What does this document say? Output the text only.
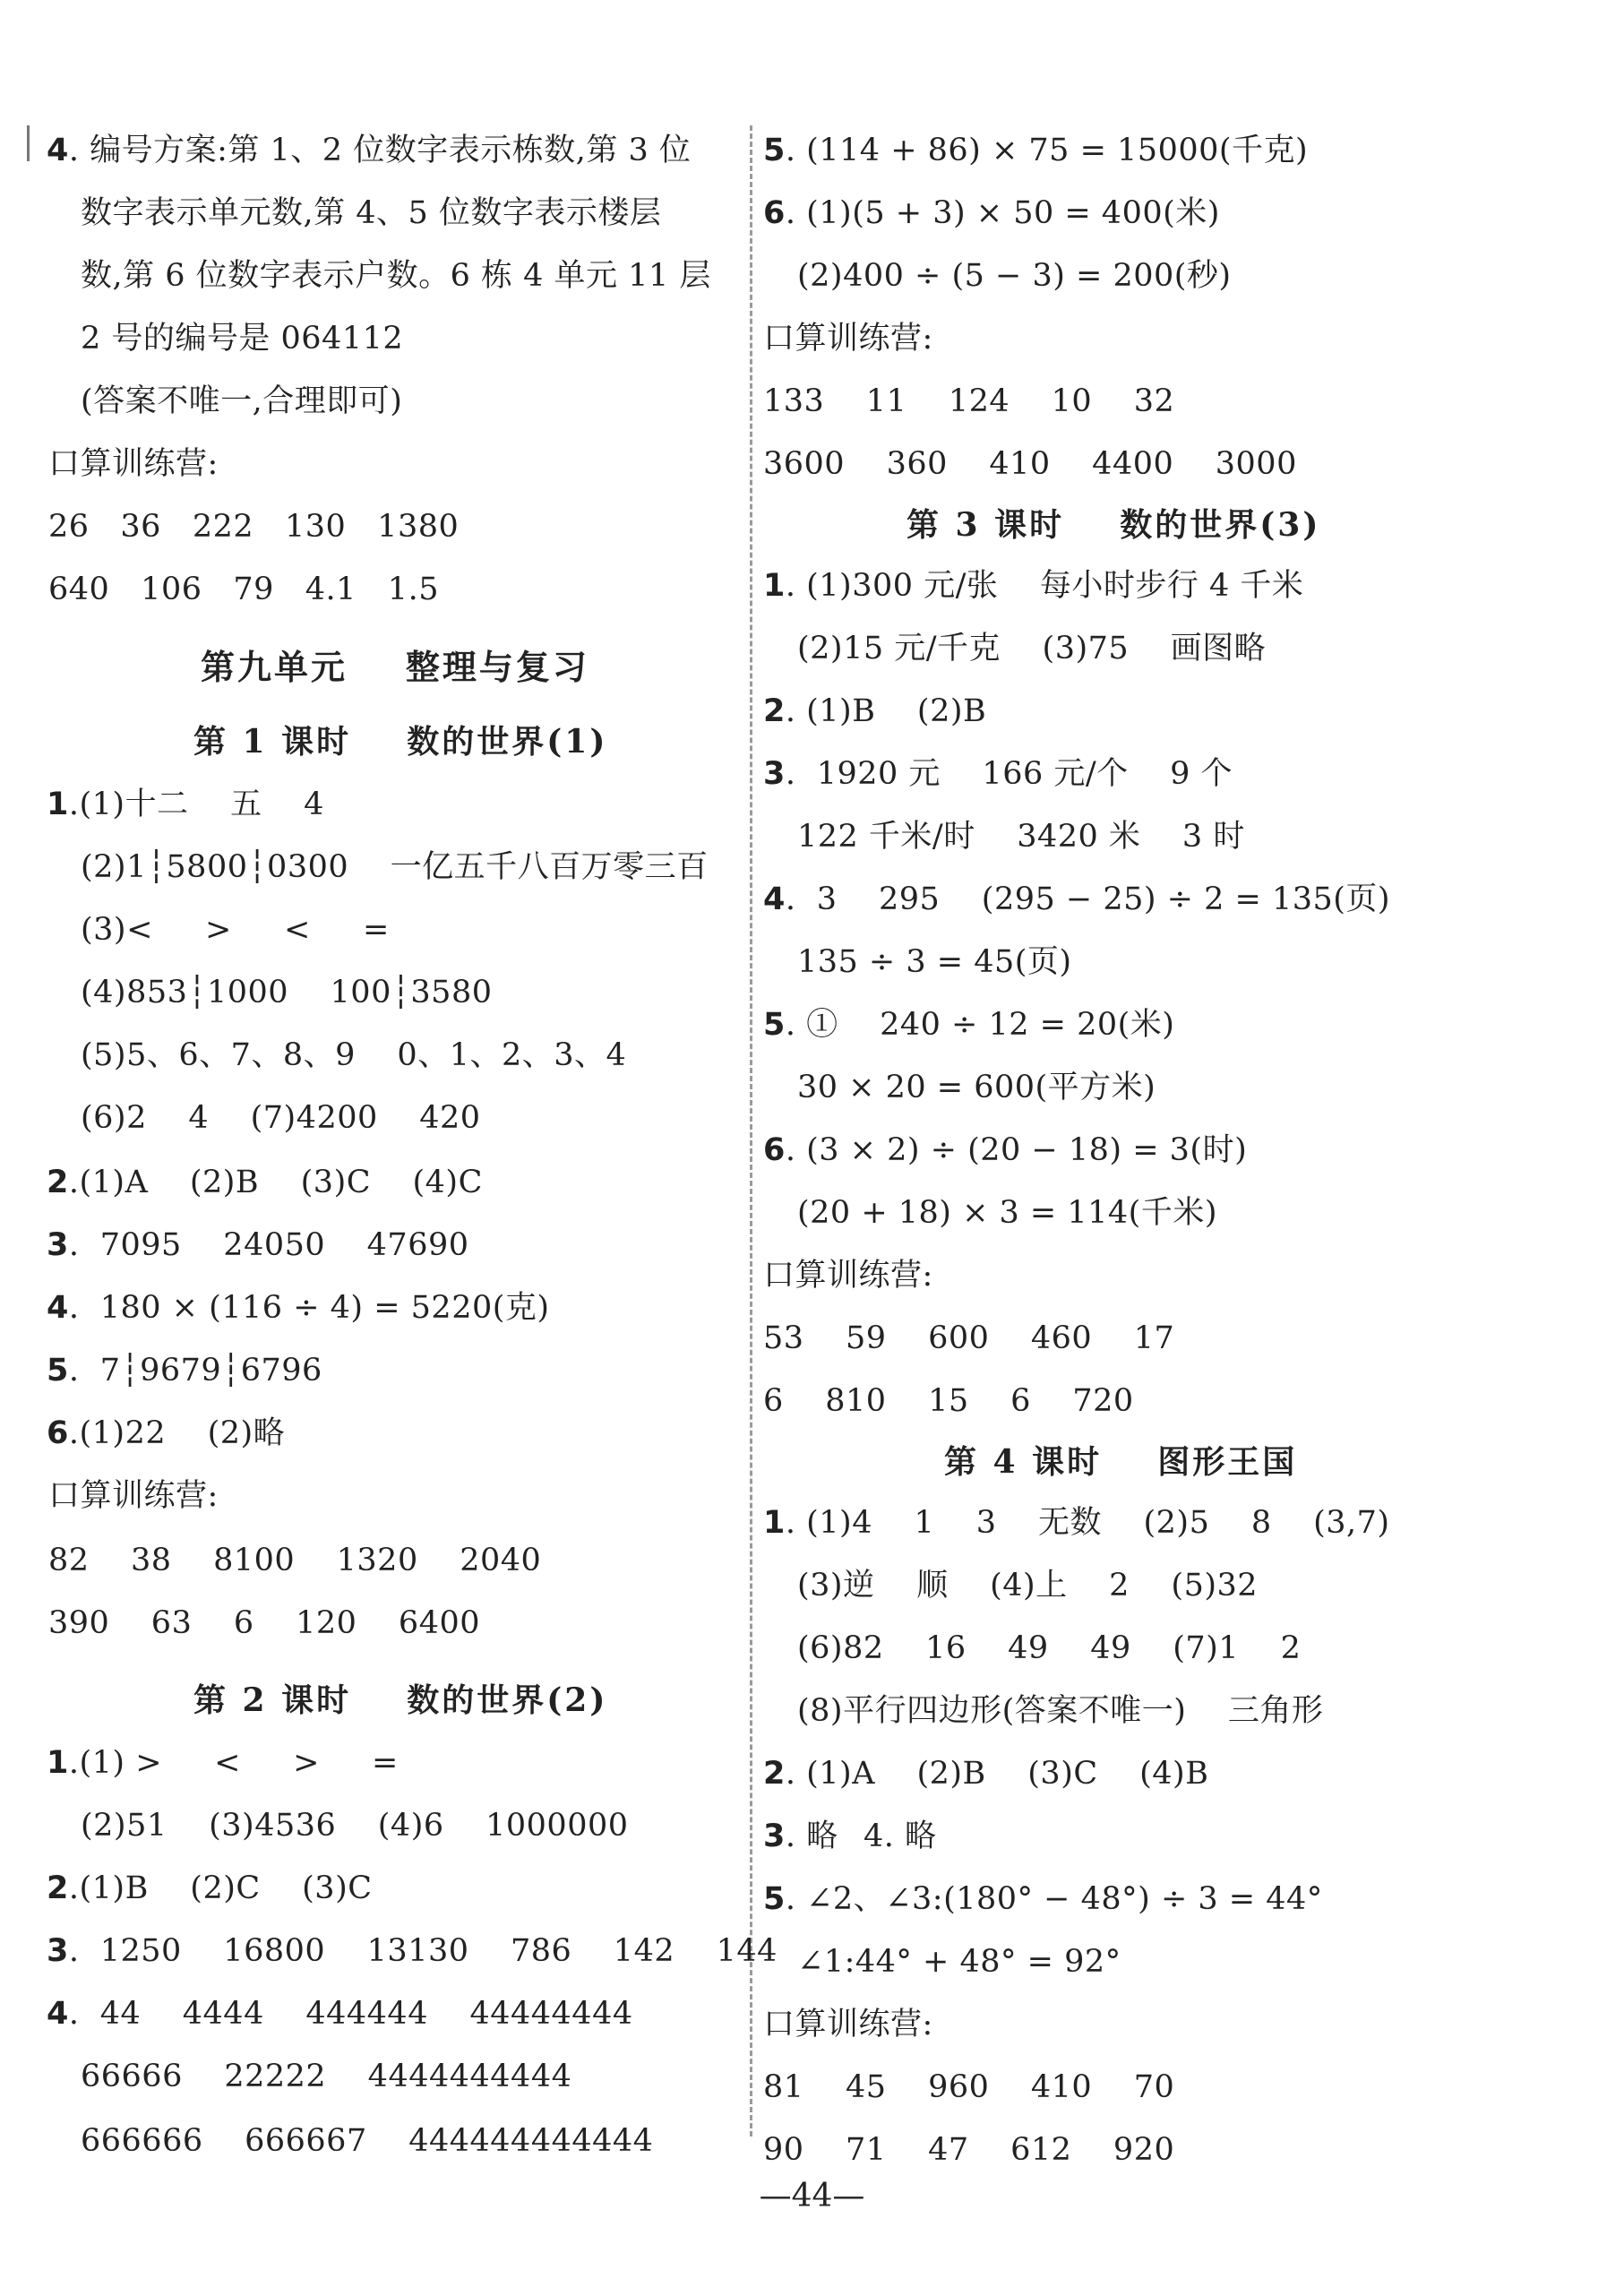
4. 编号方案:第 1、2 位数字表示栋数,第 3 位
数字表示单元数,第 4、5 位数字表示楼层
数,第 6 位数字表示户数。6 栋 4 单元 11 层
2 号的编号是 064112
(答案不唯一,合理即可)
口算训练营:
26   36   222   130   1380
640   106   79   4.1   1.5
第九单元    整理与复习
第 1 课时    数的世界(1)
1.(1)十二    五    4
(2)1┆5800┆0300    一亿五千八百万零三百
(3)<     >     <     =
(4)853┆1000    100┆3580
(5)5、6、7、8、9    0、1、2、3、4
(6)2    4    (7)4200    420
2.(1)A    (2)B    (3)C    (4)C
3.  7095    24050    47690
4.  180 × (116 ÷ 4) = 5220(克)
5.  7┆9679┆6796
6.(1)22    (2)略
口算训练营:
82    38    8100    1320    2040
390    63    6    120    6400
第 2 课时    数的世界(2)
1.(1) >     <     >     =
(2)51    (3)4536    (4)6    1000000
2.(1)B    (2)C    (3)C
3.  1250    16800    13130    786    142    144
4.  44    4444    444444    44444444
66666    22222    4444444444
666666    666667    444444444444
5. (114 + 86) × 75 = 15000(千克)
6. (1)(5 + 3) × 50 = 400(米)
(2)400 ÷ (5 − 3) = 200(秒)
口算训练营:
133    11    124    10    32
3600    360    410    4400    3000
第 3 课时    数的世界(3)
1. (1)300 元/张    每小时步行 4 千米
(2)15 元/千克    (3)75    画图略
2. (1)B    (2)B
3.  1920 元    166 元/个    9 个
122 千米/时    3420 米    3 时
4.  3    295    (295 − 25) ÷ 2 = 135(页)
135 ÷ 3 = 45(页)
5. ①    240 ÷ 12 = 20(米)
30 × 20 = 600(平方米)
6. (3 × 2) ÷ (20 − 18) = 3(时)
(20 + 18) × 3 = 114(千米)
口算训练营:
53    59    600    460    17
6    810    15    6    720
第 4 课时    图形王国
1. (1)4    1    3    无数    (2)5    8    (3,7)
(3)逆    顺    (4)上    2    (5)32
(6)82    16    49    49    (7)1    2
(8)平行四边形(答案不唯一)    三角形
2. (1)A    (2)B    (3)C    (4)B
3. 略
4. 略
5. ∠2、∠3:(180° − 48°) ÷ 3 = 44°
∠1:44° + 48° = 92°
口算训练营:
81    45    960    410    70
90    71    47    612    920
—44—
